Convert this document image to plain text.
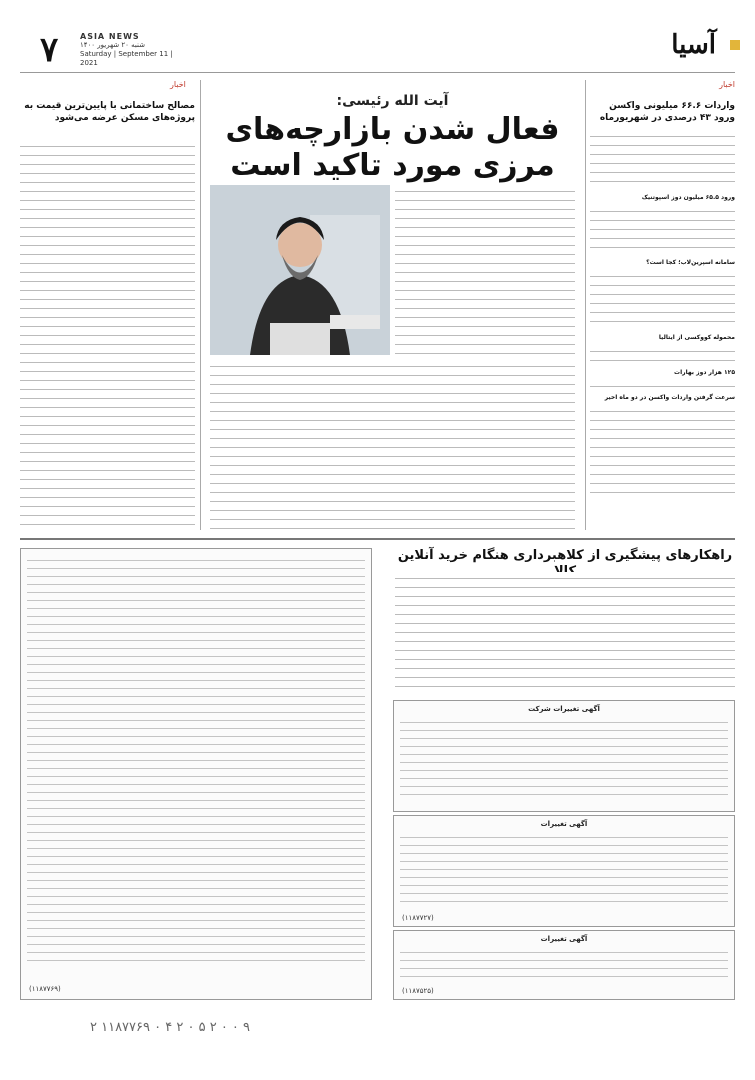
۷	ASIA NEWS
شنبه ۲۰ شهریور ۱۴۰۰
Saturday | September 11 | 2021
آسیا
اخبار
واردات ۶۶.۶ میلیونی واکسن ورود ۴۳ درصدی در شهریورماه

ورود ۶۵.۵ میلیون دوز اسپوتنیک

سامانه اسپرین‌لاب؛ کجا است؟

محموله کووکسی از ایتالیا

۱۲۵ هزار دوز بهارات

سرعت گرفتن واردات واکسن در دو ماه اخیر

آیت الله رئیسی:
فعال شدن بازارچه‌های مرزی مورد تاکید است
اخبار
مصالح ساختمانی با پایین‌ترین قیمت به پروژه‌های مسکن عرضه می‌شود
راهکارهای پیشگیری از کلاهبرداری هنگام خرید آنلاین
(۱۱۸۷۷۶۹)
آگهی تغییرات شرکت
آگهی تغییرات
(۱۱۸۷۷۲۷)
آگهی تغییرات
(۱۱۸۷۵۲۵)
۲ ۱۱۸۷۷۶۹ ۰ ۴ ۲ ۰ ۵ ۲ ۰ ۰ ۹
